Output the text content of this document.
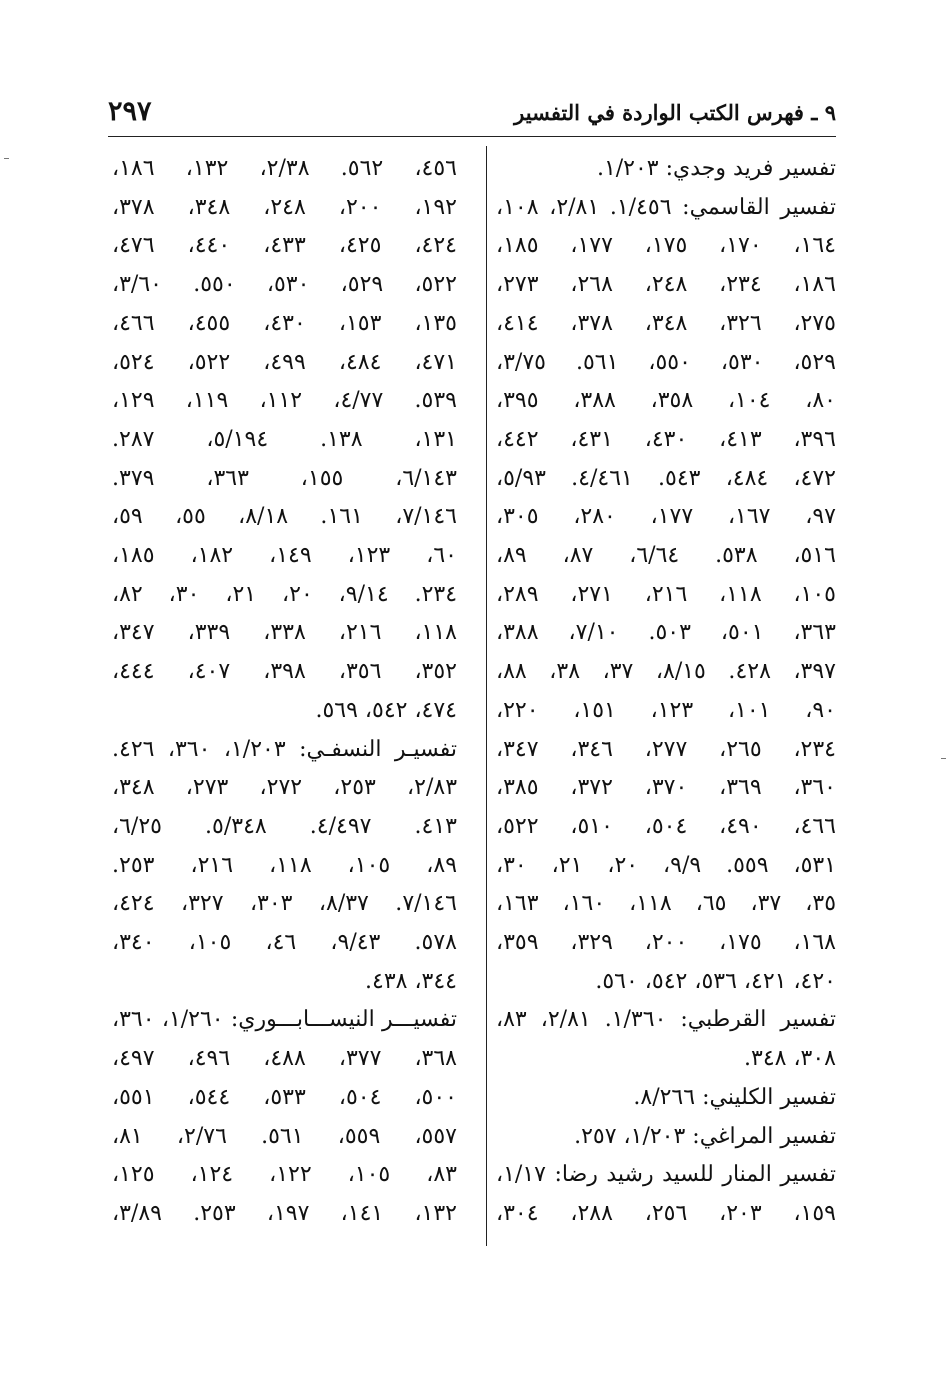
٩ ـ فهرس الكتب الواردة في التفسير
٢٩٧
تفسير فريد وجدي: ١/٢٠٣.
تفسير القاسمي: ١/٤٥٦. ٢/٨١، ١٠٨،
١٦٤، ١٧٠، ١٧٥، ١٧٧، ١٨٥،
١٨٦، ٢٣٤، ٢٤٨، ٢٦٨، ٢٧٣،
٢٧٥، ٣٢٦، ٣٤٨، ٣٧٨، ٤١٤،
٥٢٩، ٥٣٠، ٥٥٠، ٥٦١. ٣/٧٥،
٨٠، ١٠٤، ٣٥٨، ٣٨٨، ٣٩٥،
٣٩٦، ٤١٣، ٤٣٠، ٤٣١، ٤٤٢،
٤٧٢، ٤٨٤، ٥٤٣. ٤/٤٦١. ٥/٩٣،
٩٧، ١٦٧، ١٧٧، ٢٨٠، ٣٠٥،
٥١٦، ٥٣٨. ٦/٦٤، ٨٧، ٨٩،
١٠٥، ١١٨، ٢١٦، ٢٧١، ٢٨٩،
٣٦٣، ٥٠١، ٥٠٣. ٧/١٠، ٣٨٨،
٣٩٧، ٤٢٨. ٨/١٥، ٣٧، ٣٨، ٨٨،
٩٠، ١٠١، ١٢٣، ١٥١، ٢٢٠،
٢٣٤، ٢٦٥، ٢٧٧، ٣٤٦، ٣٤٧،
٣٦٠، ٣٦٩، ٣٧٠، ٣٧٢، ٣٨٥،
٤٦٦، ٤٩٠، ٥٠٤، ٥١٠، ٥٢٢،
٥٣١، ٥٥٩. ٩/٩، ٢٠، ٢١، ٣٠،
٣٥، ٣٧، ٦٥، ١١٨، ١٦٠، ١٦٣،
١٦٨، ١٧٥، ٢٠٠، ٣٢٩، ٣٥٩،
٤٢٠، ٤٢١، ٥٣٦، ٥٤٢، ٥٦٠.
تفسير القرطبي: ١/٣٦٠. ٢/٨١، ٨٣،
٣٠٨، ٣٤٨.
تفسير الكليني: ٨/٢٦٦.
تفسير المراغي: ١/٢٠٣، ٢٥٧.
تفسير المنار للسيد رشيد رضا: ١/١٧،
١٥٩، ٢٠٣، ٢٥٦، ٢٨٨، ٣٠٤،
٤٥٦، ٥٦٢. ٢/٣٨، ١٣٢، ١٨٦،
١٩٢، ٢٠٠، ٢٤٨، ٣٤٨، ٣٧٨،
٤٢٤، ٤٢٥، ٤٣٣، ٤٤٠، ٤٧٦،
٥٢٢، ٥٢٩، ٥٣٠، ٥٥٠. ٣/٦٠،
١٣٥، ١٥٣، ٤٣٠، ٤٥٥، ٤٦٦،
٤٧١، ٤٨٤، ٤٩٩، ٥٢٢، ٥٢٤،
٥٣٩. ٤/٧٧، ١١٢، ١١٩، ١٢٩،
١٣١، ١٣٨. ٥/١٩٤، ٢٨٧.
٦/١٤٣، ١٥٥، ٣٦٣، ٣٧٩.
٧/١٤٦، ١٦١. ٨/١٨، ٥٥، ٥٩،
٦٠، ١٢٣، ١٤٩، ١٨٢، ١٨٥،
٢٣٤. ٩/١٤، ٢٠، ٢١، ٣٠، ٨٢،
١١٨، ٢١٦، ٣٣٨، ٣٣٩، ٣٤٧،
٣٥٢، ٣٥٦، ٣٩٨، ٤٠٧، ٤٤٤،
٤٧٤، ٥٤٢، ٥٦٩.
تفسيـر النسفـي: ١/٢٠٣، ٣٦٠، ٤٢٦.
٢/٨٣، ٢٥٣، ٢٧٢، ٢٧٣، ٣٤٨،
٤١٣. ٤/٤٩٧. ٥/٣٤٨. ٦/٢٥،
٨٩، ١٠٥، ١١٨، ٢١٦، ٢٥٣.
٧/١٤٦. ٨/٣٧، ٣٠٣، ٣٢٧، ٤٢٤،
٥٧٨. ٩/٤٣، ٤٦، ١٠٥، ٣٤٠،
٣٤٤، ٤٣٨.
تفسيـــر النيســـابـــوري: ١/٢٦٠، ٣٦٠،
٣٦٨، ٣٧٧، ٤٨٨، ٤٩٦، ٤٩٧،
٥٠٠، ٥٠٤، ٥٣٣، ٥٤٤، ٥٥١،
٥٥٧، ٥٥٩، ٥٦١. ٢/٧٦، ٨١،
٨٣، ١٠٥، ١٢٢، ١٢٤، ١٢٥،
١٣٢، ١٤١، ١٩٧، ٢٥٣. ٣/٨٩،
